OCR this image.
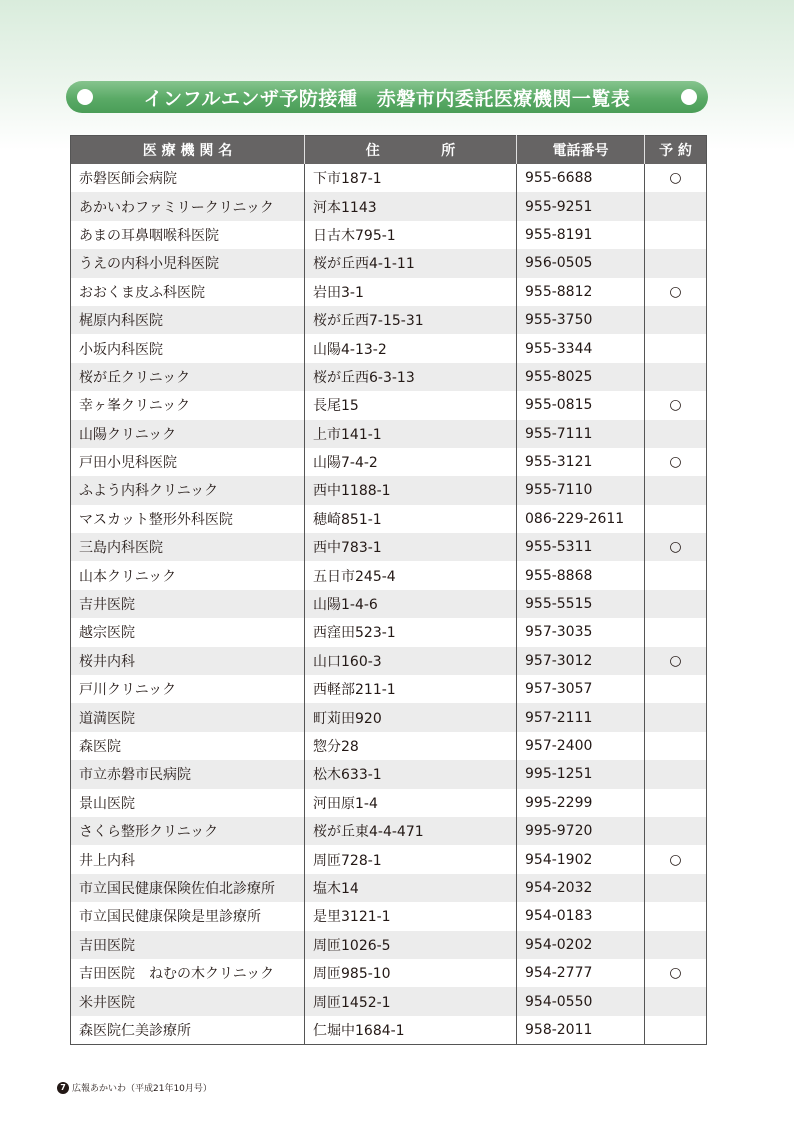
インフルエンザ予防接種　赤磐市内委託医療機関一覧表
医 療 機 関 名	住 　 　 　 所	電話番号	予 約
赤磐医師会病院	下市187-1	955-6688	○
あかいわファミリークリニック	河本1143	955-9251	
あまの耳鼻咽喉科医院	日古木795-1	955-8191	
うえの内科小児科医院	桜が丘西4-1-11	956-0505	
おおくま皮ふ科医院	岩田3-1	955-8812	○
梶原内科医院	桜が丘西7-15-31	955-3750	
小坂内科医院	山陽4-13-2	955-3344	
桜が丘クリニック	桜が丘西6-3-13	955-8025	
幸ヶ峯クリニック	長尾15	955-0815	○
山陽クリニック	上市141-1	955-7111	
戸田小児科医院	山陽7-4-2	955-3121	○
ふよう内科クリニック	西中1188-1	955-7110	
マスカット整形外科医院	穂崎851-1	086-229-2611	
三島内科医院	西中783-1	955-5311	○
山本クリニック	五日市245-4	955-8868	
吉井医院	山陽1-4-6	955-5515	
越宗医院	西窪田523-1	957-3035	
桜井内科	山口160-3	957-3012	○
戸川クリニック	西軽部211-1	957-3057	
道満医院	町苅田920	957-2111	
森医院	惣分28	957-2400	
市立赤磐市民病院	松木633-1	995-1251	
景山医院	河田原1-4	995-2299	
さくら整形クリニック	桜が丘東4-4-471	995-9720	
井上内科	周匝728-1	954-1902	○
市立国民健康保険佐伯北診療所	塩木14	954-2032	
市立国民健康保険是里診療所	是里3121-1	954-0183	
吉田医院	周匝1026-5	954-0202	
吉田医院　ねむの木クリニック	周匝985-10	954-2777	○
米井医院	周匝1452-1	954-0550	
森医院仁美診療所	仁堀中1684-1	958-2011	
7 広報あかいわ（平成21年10月号）
